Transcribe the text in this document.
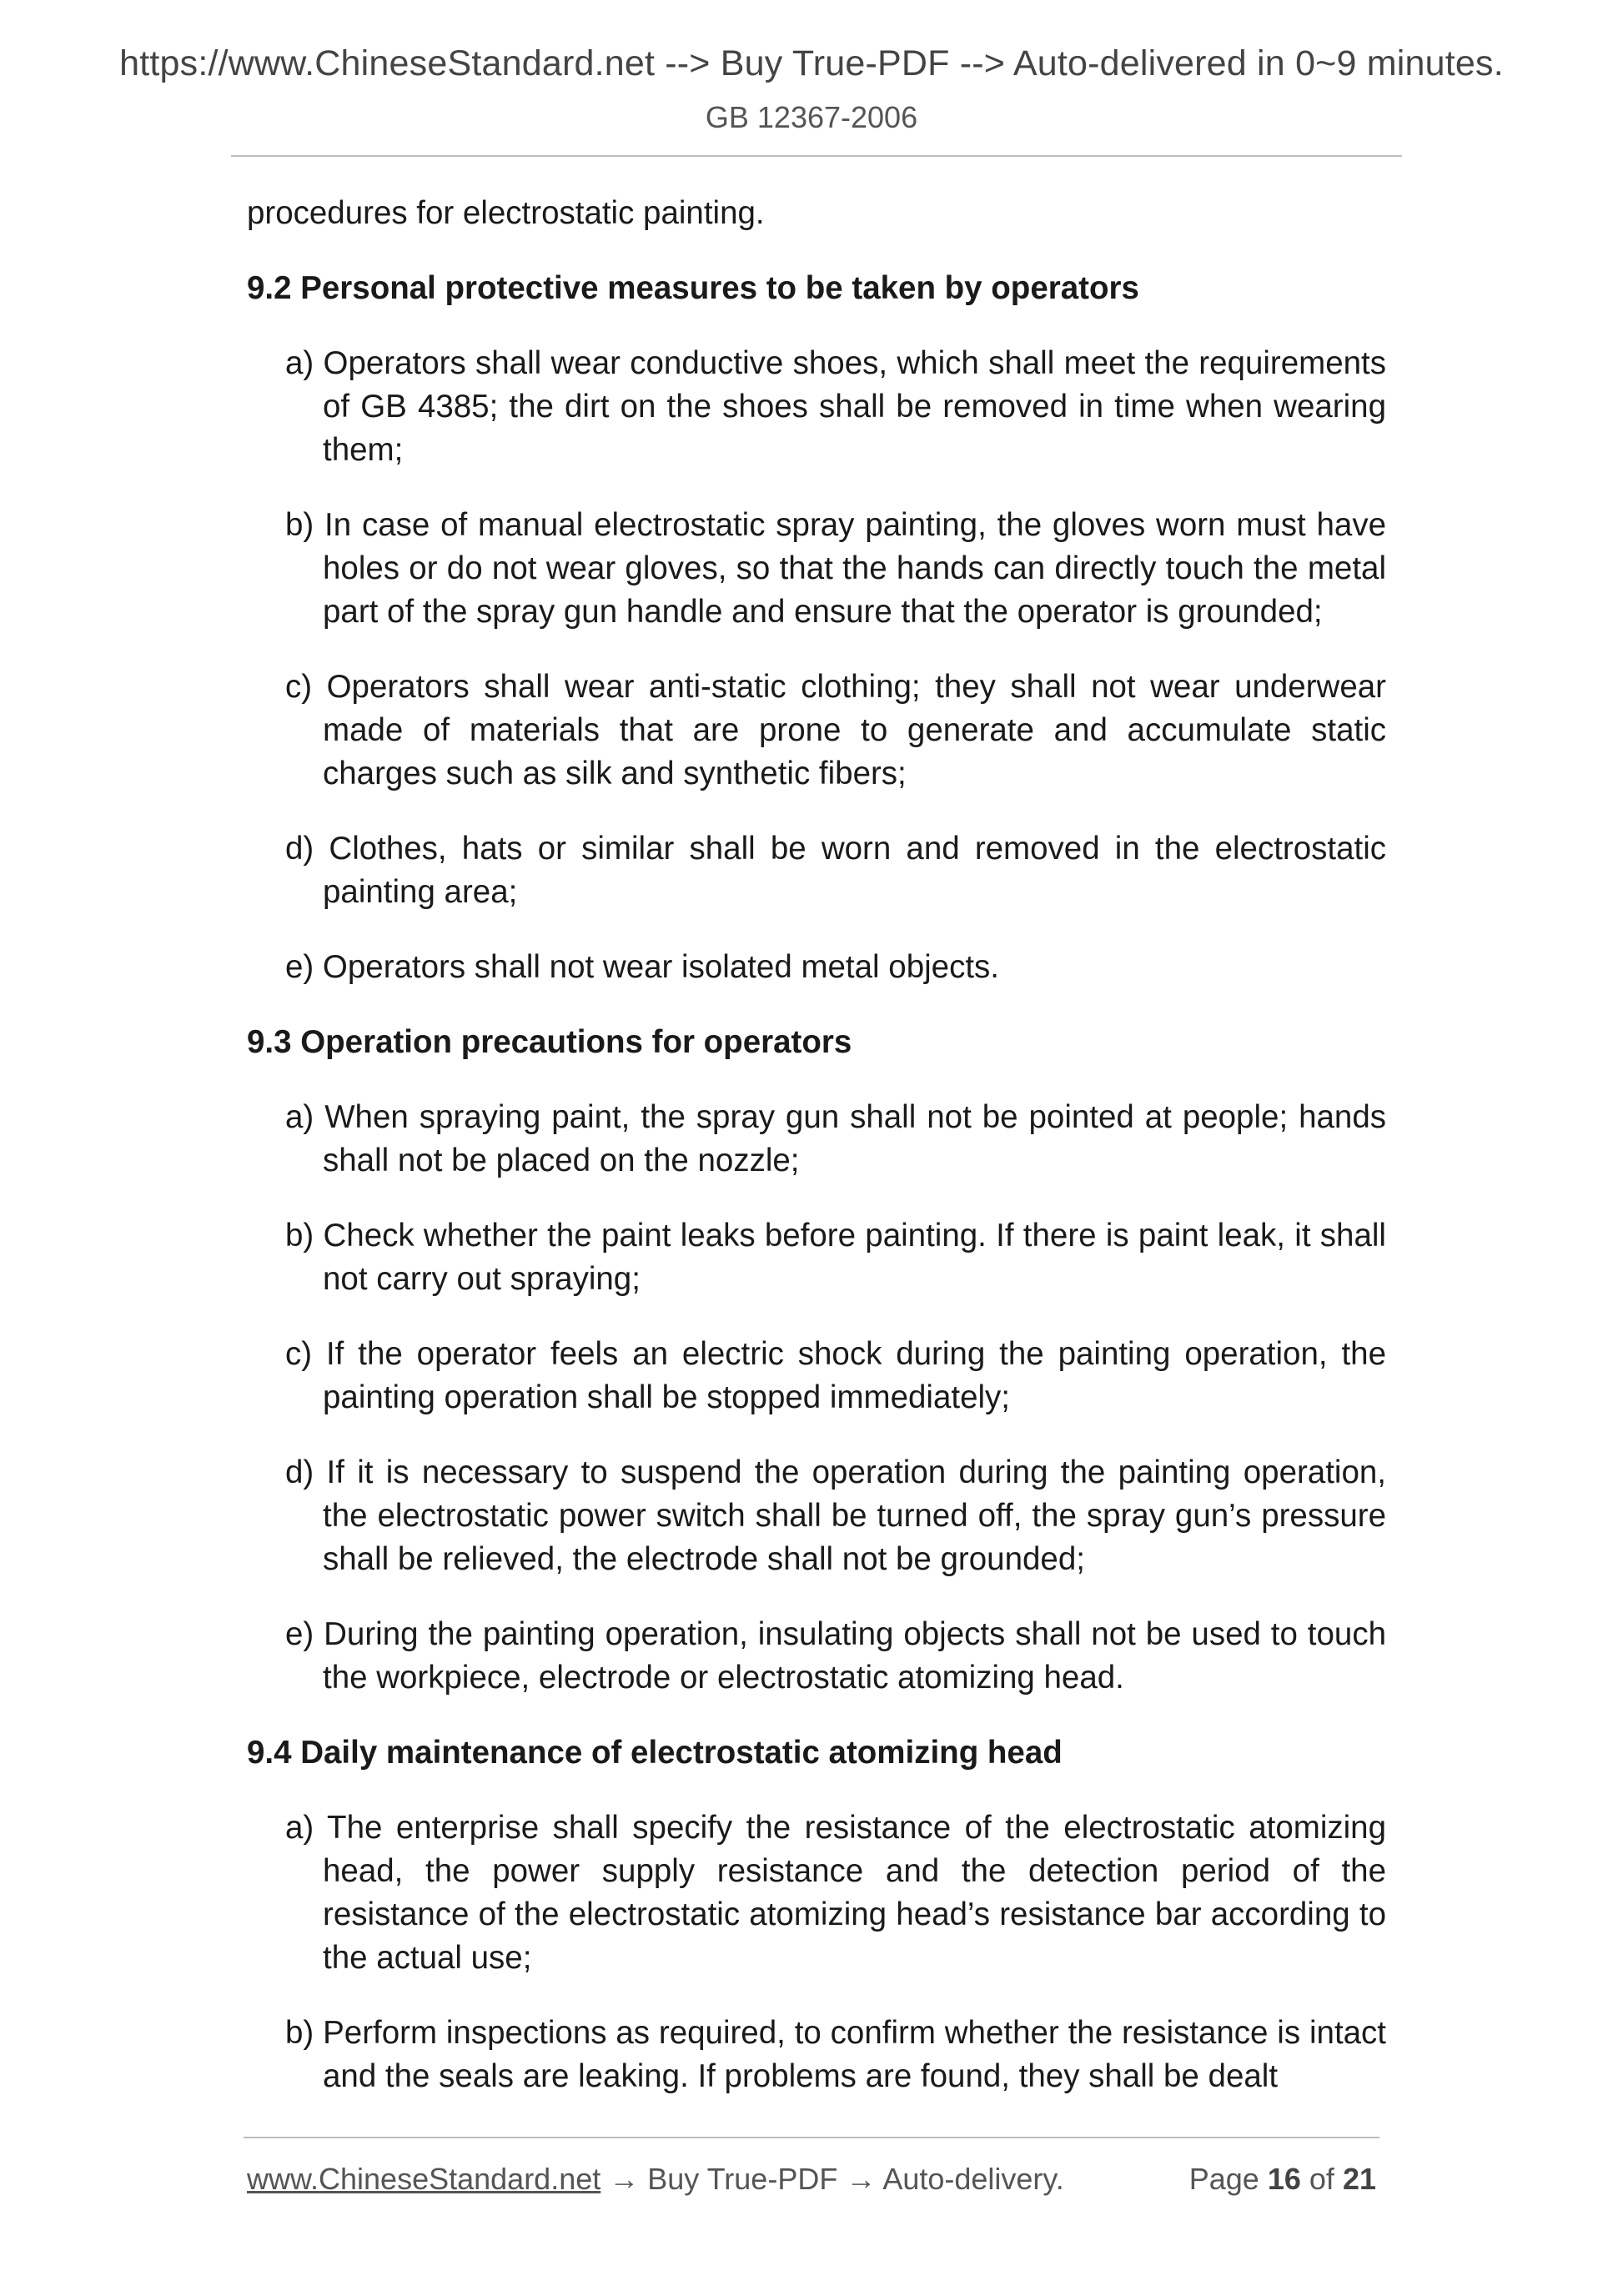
https://www.ChineseStandard.net --> Buy True-PDF --> Auto-delivered in 0~9 minutes.
GB 12367-2006

procedures for electrostatic painting.

9.2 Personal protective measures to be taken by operators

a) Operators shall wear conductive shoes, which shall meet the requirements of GB 4385; the dirt on the shoes shall be removed in time when wearing them;

b) In case of manual electrostatic spray painting, the gloves worn must have holes or do not wear gloves, so that the hands can directly touch the metal part of the spray gun handle and ensure that the operator is grounded;

c) Operators shall wear anti-static clothing; they shall not wear underwear made of materials that are prone to generate and accumulate static charges such as silk and synthetic fibers;

d) Clothes, hats or similar shall be worn and removed in the electrostatic painting area;

e) Operators shall not wear isolated metal objects.

9.3 Operation precautions for operators

a) When spraying paint, the spray gun shall not be pointed at people; hands shall not be placed on the nozzle;

b) Check whether the paint leaks before painting. If there is paint leak, it shall not carry out spraying;

c) If the operator feels an electric shock during the painting operation, the painting operation shall be stopped immediately;

d) If it is necessary to suspend the operation during the painting operation, the electrostatic power switch shall be turned off, the spray gun’s pressure shall be relieved, the electrode shall not be grounded;

e) During the painting operation, insulating objects shall not be used to touch the workpiece, electrode or electrostatic atomizing head.

9.4 Daily maintenance of electrostatic atomizing head

a) The enterprise shall specify the resistance of the electrostatic atomizing head, the power supply resistance and the detection period of the resistance of the electrostatic atomizing head’s resistance bar according to the actual use;

b) Perform inspections as required, to confirm whether the resistance is intact and the seals are leaking. If problems are found, they shall be dealt

www.ChineseStandard.net → Buy True-PDF → Auto-delivery.	Page 16 of 21
